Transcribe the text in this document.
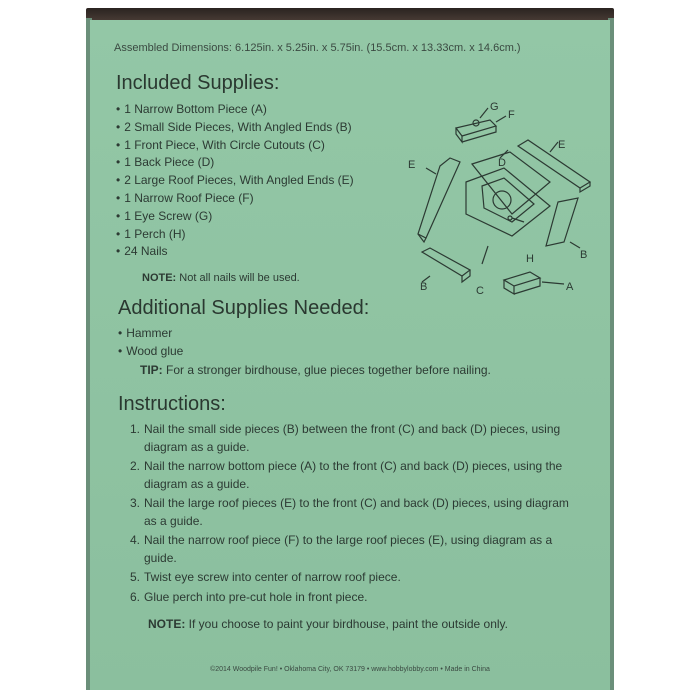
Assembled Dimensions: 6.125in. x 5.25in. x 5.75in. (15.5cm. x 13.33cm. x 14.6cm.)
Included Supplies:
• 1 Narrow Bottom Piece (A)
• 2 Small Side Pieces, With Angled Ends (B)
• 1 Front Piece, With Circle Cutouts (C)
• 1 Back Piece (D)
• 2 Large Roof Pieces, With Angled Ends (E)
• 1 Narrow Roof Piece (F)
• 1 Eye Screw (G)
• 1 Perch (H)
• 24 Nails
NOTE: Not all nails will be used.
G
F
E
E	D
B
H
B	C	A
Additional Supplies Needed:
• Hammer
• Wood glue
TIP: For a stronger birdhouse, glue pieces together before nailing.
Instructions:
1. Nail the small side pieces (B) between the front (C) and back (D) pieces, using diagram as a guide.
2. Nail the narrow bottom piece (A) to the front (C) and back (D) pieces, using the diagram as a guide.
3. Nail the large roof pieces (E) to the front (C) and back (D) pieces, using diagram as a guide.
4. Nail the narrow roof piece (F) to the large roof pieces (E), using diagram as a guide.
5. Twist eye screw into center of narrow roof piece.
6. Glue perch into pre-cut hole in front piece.
NOTE: If you choose to paint your birdhouse, paint the outside only.
©2014 Woodpile Fun! • Oklahoma City, OK 73179 • www.hobbylobby.com • Made in China
